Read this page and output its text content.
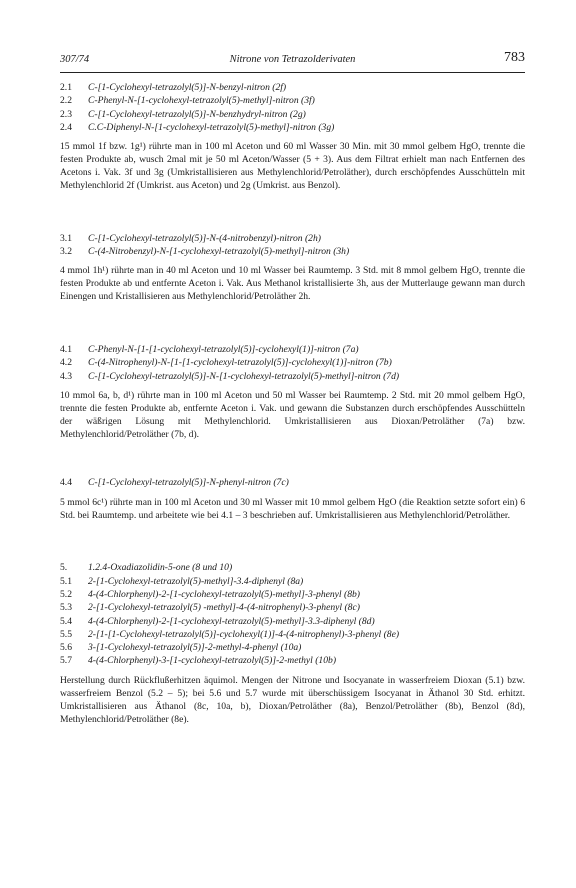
307/74	Nitrone von Tetrazolderivaten	783
2.1	C-[1-Cyclohexyl-tetrazolyl(5)]-N-benzyl-nitron (2f)
2.2	C-Phenyl-N-[1-cyclohexyl-tetrazolyl(5)-methyl]-nitron (3f)
2.3	C-[1-Cyclohexyl-tetrazolyl(5)]-N-benzhydryl-nitron (2g)
2.4	C.C-Diphenyl-N-[1-cyclohexyl-tetrazolyl(5)-methyl]-nitron (3g)

15 mmol 1f bzw. 1g¹) rührte man in 100 ml Aceton und 60 ml Wasser 30 Min. mit 30 mmol gelbem HgO, trennte die festen Produkte ab, wusch 2mal mit je 50 ml Aceton/Wasser (5 + 3). Aus dem Filtrat erhielt man nach Entfernen des Acetons i. Vak. 3f und 3g (Umkristallisieren aus Methylenchlorid/Petroläther), durch erschöpfendes Ausschütteln mit Methylenchlorid 2f (Umkrist. aus Aceton) und 2g (Umkrist. aus Benzol).

3.1	C-[1-Cyclohexyl-tetrazolyl(5)]-N-(4-nitrobenzyl)-nitron (2h)
3.2	C-(4-Nitrobenzyl)-N-[1-cyclohexyl-tetrazolyl(5)-methyl]-nitron (3h)

4 mmol 1h¹) rührte man in 40 ml Aceton und 10 ml Wasser bei Raumtemp. 3 Std. mit 8 mmol gelbem HgO, trennte die festen Produkte ab und entfernte Aceton i. Vak. Aus Methanol kristallisierte 3h, aus der Mutterlauge gewann man durch Einengen und Kristallisieren aus Methylenchlorid/Petroläther 2h.

4.1	C-Phenyl-N-[1-[1-cyclohexyl-tetrazolyl(5)]-cyclohexyl(1)]-nitron (7a)
4.2	C-(4-Nitrophenyl)-N-[1-[1-cyclohexyl-tetrazolyl(5)]-cyclohexyl(1)]-nitron (7b)
4.3	C-[1-Cyclohexyl-tetrazolyl(5)]-N-[1-cyclohexyl-tetrazolyl(5)-methyl]-nitron (7d)

10 mmol 6a, b, d¹) rührte man in 100 ml Aceton und 50 ml Wasser bei Raumtemp. 2 Std. mit 20 mmol gelbem HgO, trennte die festen Produkte ab, entfernte Aceton i. Vak. und gewann die Substanzen durch erschöpfendes Ausschütteln der wäßrigen Lösung mit Methylenchlorid. Umkristallisieren aus Dioxan/Petroläther (7a) bzw. Methylenchlorid/Petroläther (7b, d).

4.4	C-[1-Cyclohexyl-tetrazolyl(5)]-N-phenyl-nitron (7c)

5 mmol 6c¹) rührte man in 100 ml Aceton und 30 ml Wasser mit 10 mmol gelbem HgO (die Reaktion setzte sofort ein) 6 Std. bei Raumtemp. und arbeitete wie bei 4.1 – 3 beschrieben auf. Umkristallisieren aus Methylenchlorid/Petroläther.

5.	1.2.4-Oxadiazolidin-5-one (8 und 10)
5.1	2-[1-Cyclohexyl-tetrazolyl(5)-methyl]-3.4-diphenyl (8a)
5.2	4-(4-Chlorphenyl)-2-[1-cyclohexyl-tetrazolyl(5)-methyl]-3-phenyl (8b)
5.3	2-[1-Cyclohexyl-tetrazolyl(5) -methyl]-4-(4-nitrophenyl)-3-phenyl (8c)
5.4	4-(4-Chlorphenyl)-2-[1-cyclohexyl-tetrazolyl(5)-methyl]-3.3-diphenyl (8d)
5.5	2-[1-[1-Cyclohexyl-tetrazolyl(5)]-cyclohexyl(1)]-4-(4-nitrophenyl)-3-phenyl (8e)
5.6	3-[1-Cyclohexyl-tetrazolyl(5)]-2-methyl-4-phenyl (10a)
5.7	4-(4-Chlorphenyl)-3-[1-cyclohexyl-tetrazolyl(5)]-2-methyl (10b)

Herstellung durch Rückflußerhitzen äquimol. Mengen der Nitrone und Isocyanate in wasserfreiem Dioxan (5.1) bzw. wasserfreiem Benzol (5.2 – 5); bei 5.6 und 5.7 wurde mit überschüssigem Isocyanat in Äthanol 30 Std. erhitzt. Umkristallisieren aus Äthanol (8c, 10a, b), Dioxan/Petroläther (8a), Benzol/Petroläther (8b), Benzol (8d), Methylenchlorid/Petroläther (8e).
